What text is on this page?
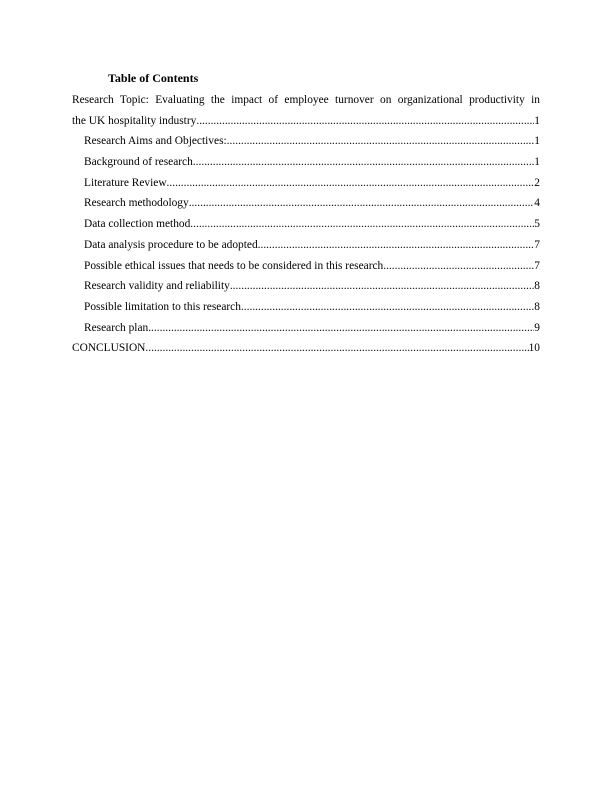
Table of Contents
Research Topic: Evaluating the impact of employee turnover on organizational productivity in
the UK hospitality industry .....	1
Research Aims and Objectives: .....	1
Background of research .....	1
Literature Review .....	2
Research methodology .....	4
Data collection method .....	5
Data analysis procedure to be adopted .....	7
Possible ethical issues that needs to be considered in this research .....	7
Research validity and reliability .....	8
Possible limitation to this research .....	8
Research plan .....	9
CONCLUSION .....	10
